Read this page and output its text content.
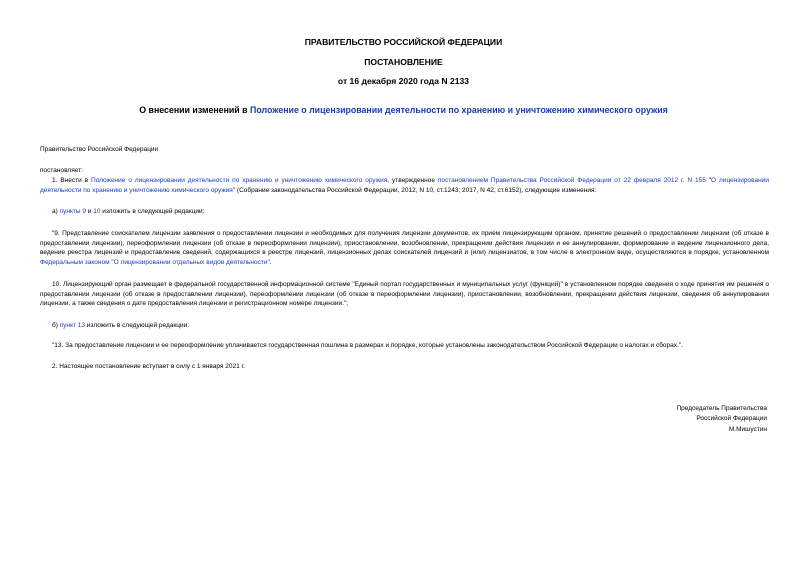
ПРАВИТЕЛЬСТВО РОССИЙСКОЙ ФЕДЕРАЦИИ
ПОСТАНОВЛЕНИЕ
от 16 декабря 2020 года N 2133
О внесении изменений в Положение о лицензировании деятельности по хранению и уничтожению химического оружия
Правительство Российской Федерации
постановляет:
1. Внести в Положение о лицензировании деятельности по хранению и уничтожению химического оружия, утвержденное постановлением Правительства Российской Федерации от 22 февраля 2012 г. N 155 "О лицензировании деятельности по хранению и уничтожению химического оружия" (Собрание законодательства Российской Федерации, 2012, N 10, ст.1243; 2017, N 42, ст.6152), следующие изменения:
а) пункты 9 и 10 изложить в следующей редакции:
"9. Представление соискателем лицензии заявления о предоставлении лицензии и необходимых для получения лицензии документов, их прием лицензирующим органом, принятие решений о предоставлении лицензии (об отказе в предоставлении лицензии), переоформлении лицензии (об отказе в переоформлении лицензии), приостановлении, возобновлении, прекращении действия лицензии и ее аннулировании, формирование и ведение лицензионного дела, ведение реестра лицензий и предоставление сведений, содержащихся в реестре лицензий, лицензионных делах соискателей лицензий и (или) лицензиатов, в том числе в электронном виде, осуществляются в порядке, установленном Федеральным законом "О лицензировании отдельных видов деятельности".
10. Лицензирующий орган размещает в федеральной государственной информационной системе "Единый портал государственных и муниципальных услуг (функций)" в установленном порядке сведения о ходе принятия им решения о предоставлении лицензии (об отказе в предоставлении лицензии), переоформлении лицензии (об отказе в переоформлении лицензии), приостановлении, возобновлении, прекращении действия лицензии, сведения об аннулировании лицензии, а также сведения о дате предоставления лицензии и регистрационном номере лицензии.";
б) пункт 13 изложить в следующей редакции:
"13. За предоставление лицензии и ее переоформление уплачивается государственная пошлина в размерах и порядке, которые установлены законодательством Российской Федерации о налогах и сборах.".
2. Настоящее постановление вступает в силу с 1 января 2021 г.
Председатель Правительства
Российской Федерации
М.Мишустин
